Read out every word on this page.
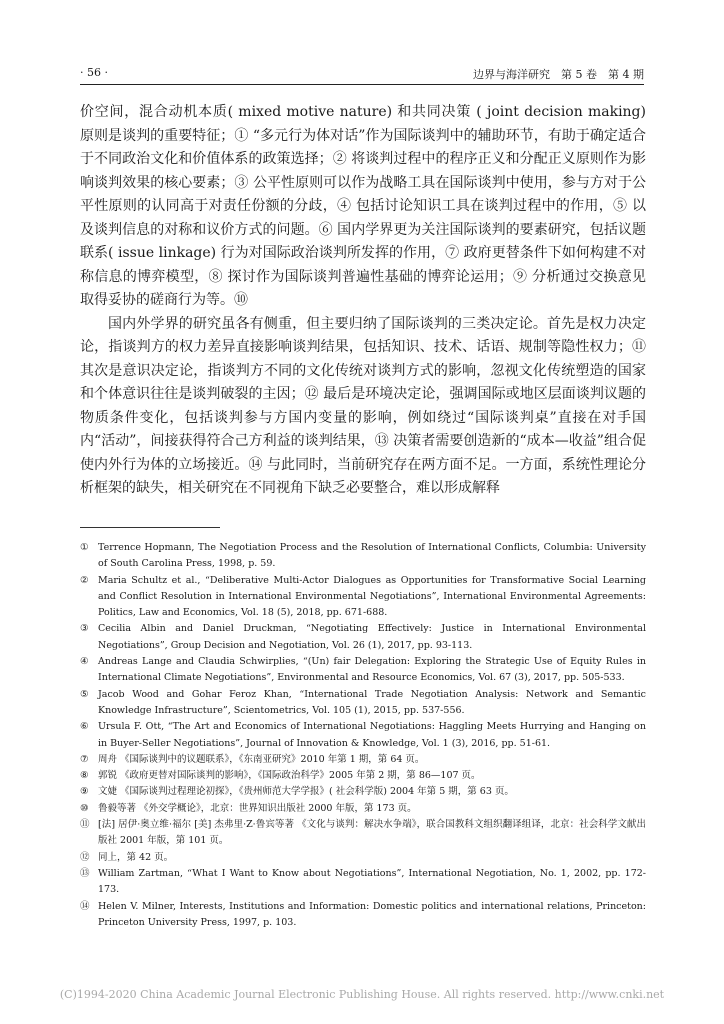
· 56 ·	边界与海洋研究　第 5 卷　第 4 期

价空间，混合动机本质( mixed motive nature) 和共同决策 ( joint decision making) 原则是谈判的重要特征；① “多元行为体对话”作为国际谈判中的辅助环节，有助于确定适合于不同政治文化和价值体系的政策选择；② 将谈判过程中的程序正义和分配正义原则作为影响谈判效果的核心要素；③ 公平性原则可以作为战略工具在国际谈判中使用，参与方对于公平性原则的认同高于对责任份额的分歧，④ 包括讨论知识工具在谈判过程中的作用，⑤ 以及谈判信息的对称和议价方式的问题。⑥ 国内学界更为关注国际谈判的要素研究，包括议题联系( issue linkage) 行为对国际政治谈判所发挥的作用，⑦ 政府更替条件下如何构建不对称信息的博弈模型，⑧ 探讨作为国际谈判普遍性基础的博弈论运用；⑨ 分析通过交换意见取得妥协的磋商行为等。⑩

国内外学界的研究虽各有侧重，但主要归纳了国际谈判的三类决定论。首先是权力决定论，指谈判方的权力差异直接影响谈判结果，包括知识、技术、话语、规制等隐性权力；⑪ 其次是意识决定论，指谈判方不同的文化传统对谈判方式的影响，忽视文化传统塑造的国家和个体意识往往是谈判破裂的主因；⑫ 最后是环境决定论，强调国际或地区层面谈判议题的物质条件变化，包括谈判参与方国内变量的影响，例如绕过“国际谈判桌”直接在对手国内“活动”，间接获得符合己方利益的谈判结果，⑬ 决策者需要创造新的“成本—收益”组合促使内外行为体的立场接近。⑭ 与此同时，当前研究存在两方面不足。一方面，系统性理论分析框架的缺失，相关研究在不同视角下缺乏必要整合，难以形成解释

① Terrence Hopmann, The Negotiation Process and the Resolution of International Conflicts, Columbia: University of South Carolina Press, 1998, p. 59.
② Maria Schultz et al., “Deliberative Multi-Actor Dialogues as Opportunities for Transformative Social Learning and Conflict Resolution in International Environmental Negotiations”, International Environmental Agreements: Politics, Law and Economics, Vol. 18 (5), 2018, pp. 671-688.
③ Cecilia Albin and Daniel Druckman, “Negotiating Effectively: Justice in International Environmental Negotiations”, Group Decision and Negotiation, Vol. 26 (1), 2017, pp. 93-113.
④ Andreas Lange and Claudia Schwirplies, “(Un) fair Delegation: Exploring the Strategic Use of Equity Rules in International Climate Negotiations”, Environmental and Resource Economics, Vol. 67 (3), 2017, pp. 505-533.
⑤ Jacob Wood and Gohar Feroz Khan, “International Trade Negotiation Analysis: Network and Semantic Knowledge Infrastructure”, Scientometrics, Vol. 105 (1), 2015, pp. 537-556.
⑥ Ursula F. Ott, “The Art and Economics of International Negotiations: Haggling Meets Hurrying and Hanging on in Buyer-Seller Negotiations”, Journal of Innovation & Knowledge, Vol. 1 (3), 2016, pp. 51-61.
⑦ 周舟 《国际谈判中的议题联系》，《东南亚研究》2010 年第 1 期，第 64 页。
⑧ 郭锐 《政府更替对国际谈判的影响》，《国际政治科学》2005 年第 2 期，第 86—107 页。
⑨ 文婕 《国际谈判过程理论初探》，《贵州师范大学学报》( 社会科学版) 2004 年第 5 期，第 63 页。
⑩ 鲁毅等著 《外交学概论》，北京：世界知识出版社 2000 年版，第 173 页。
⑪ [法] 居伊·奥立维·福尔 [美] 杰弗里·Z·鲁宾等著 《文化与谈判：解决水争端》，联合国教科文组织翻译组译，北京：社会科学文献出版社 2001 年版，第 101 页。
⑫ 同上，第 42 页。
⑬ William Zartman, “What I Want to Know about Negotiations”, International Negotiation, No. 1, 2002, pp. 172-173.
⑭ Helen V. Milner, Interests, Institutions and Information: Domestic politics and international relations, Princeton: Princeton University Press, 1997, p. 103.
(C)1994-2020 China Academic Journal Electronic Publishing House. All rights reserved. http://www.cnki.net
